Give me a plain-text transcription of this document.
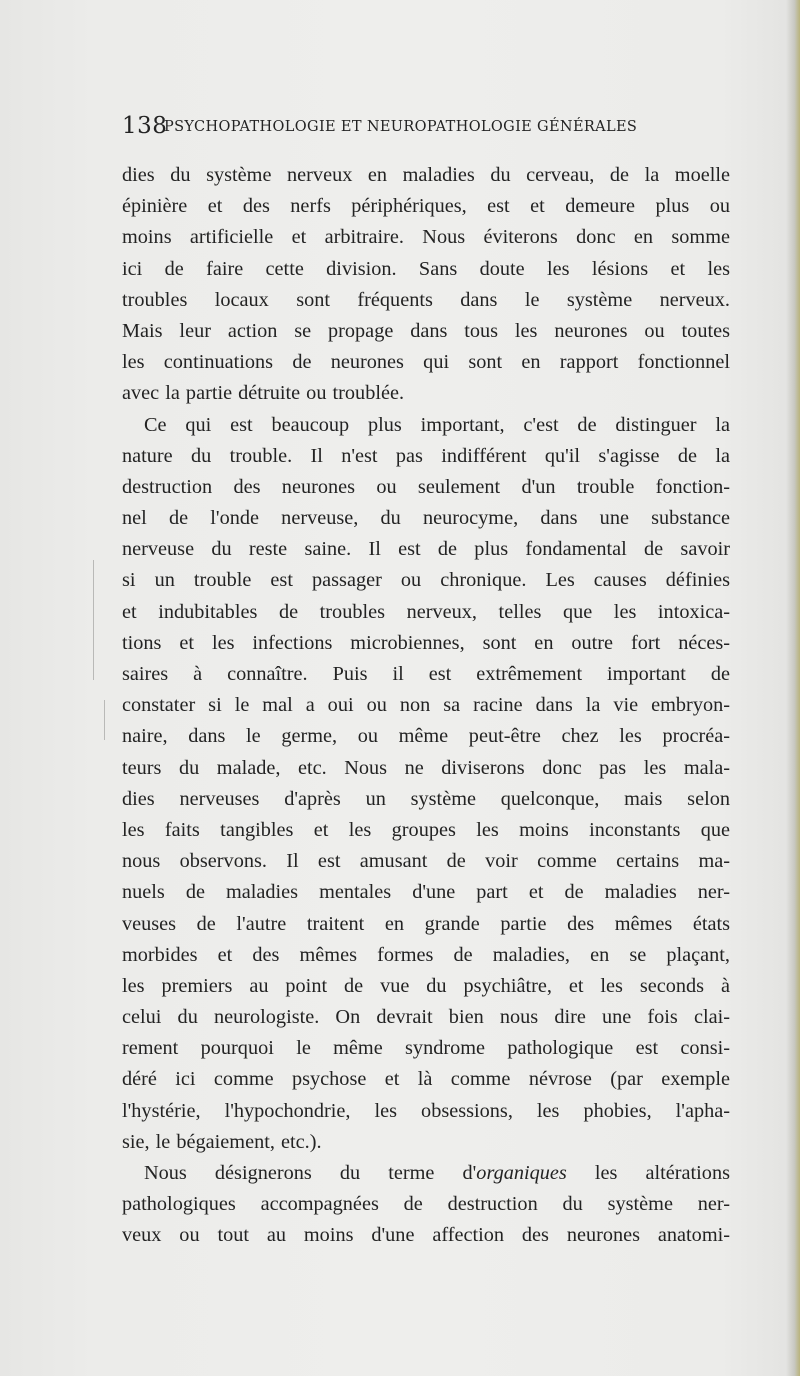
138
PSYCHOPATHOLOGIE ET NEUROPATHOLOGIE GÉNÉRALES
dies du système nerveux en maladies du cerveau, de la moelle
épinière et des nerfs périphériques, est et demeure plus ou
moins artificielle et arbitraire. Nous éviterons donc en somme
ici de faire cette division. Sans doute les lésions et les
troubles locaux sont fréquents dans le système nerveux.
Mais leur action se propage dans tous les neurones ou toutes
les continuations de neurones qui sont en rapport fonctionnel
avec la partie détruite ou troublée.
Ce qui est beaucoup plus important, c'est de distinguer la
nature du trouble. Il n'est pas indifférent qu'il s'agisse de la
destruction des neurones ou seulement d'un trouble fonction-
nel de l'onde nerveuse, du neurocyme, dans une substance
nerveuse du reste saine. Il est de plus fondamental de savoir
si un trouble est passager ou chronique. Les causes définies
et indubitables de troubles nerveux, telles que les intoxica-
tions et les infections microbiennes, sont en outre fort néces-
saires à connaître. Puis il est extrêmement important de
constater si le mal a oui ou non sa racine dans la vie embryon-
naire, dans le germe, ou même peut-être chez les procréa-
teurs du malade, etc. Nous ne diviserons donc pas les mala-
dies nerveuses d'après un système quelconque, mais selon
les faits tangibles et les groupes les moins inconstants que
nous observons. Il est amusant de voir comme certains ma-
nuels de maladies mentales d'une part et de maladies ner-
veuses de l'autre traitent en grande partie des mêmes états
morbides et des mêmes formes de maladies, en se plaçant,
les premiers au point de vue du psychiâtre, et les seconds à
celui du neurologiste. On devrait bien nous dire une fois clai-
rement pourquoi le même syndrome pathologique est consi-
déré ici comme psychose et là comme névrose (par exemple
l'hystérie, l'hypochondrie, les obsessions, les phobies, l'apha-
sie, le bégaiement, etc.).
Nous désignerons du terme d'organiques les altérations
pathologiques accompagnées de destruction du système ner-
veux ou tout au moins d'une affection des neurones anatomi-
